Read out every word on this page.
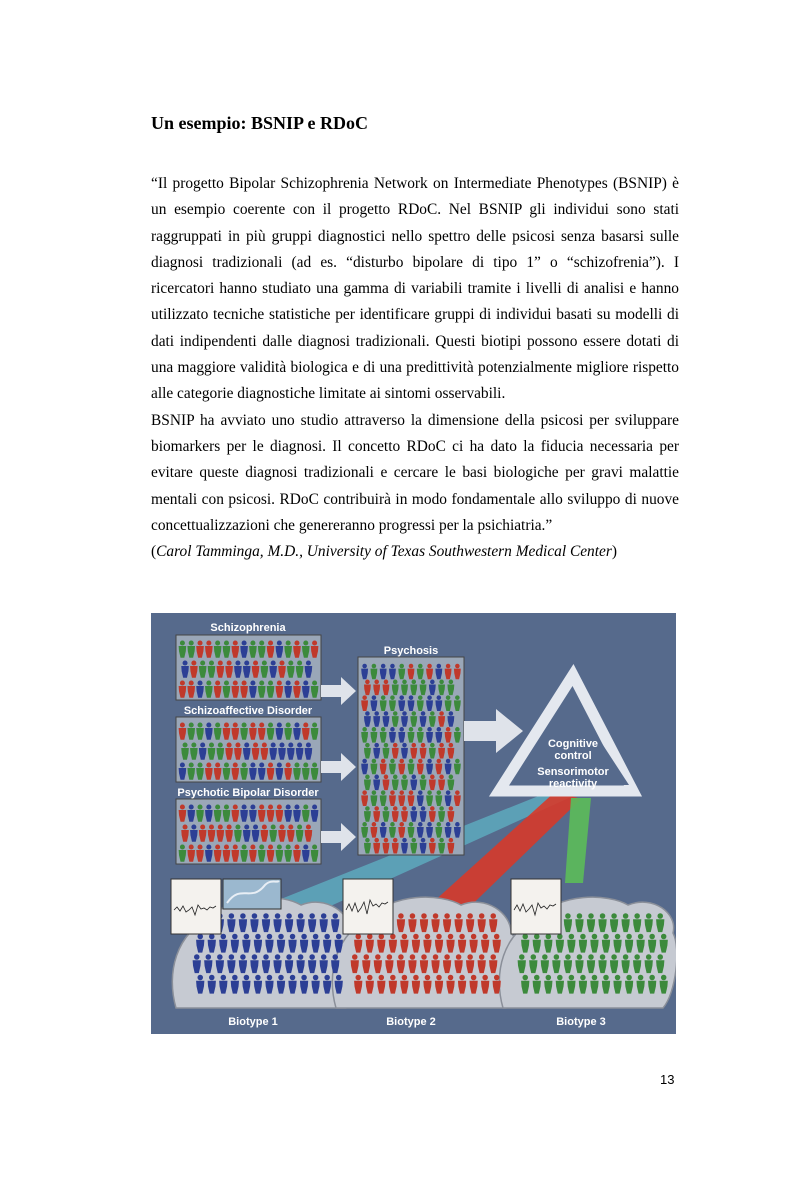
Un esempio: BSNIP e RDoC

“Il progetto Bipolar Schizophrenia Network on Intermediate Phenotypes (BSNIP) è un esempio coerente con il progetto RDoC. Nel BSNIP gli individui sono stati raggruppati in più gruppi diagnostici nello spettro delle psicosi senza basarsi sulle diagnosi tradizionali (ad es. “disturbo bipolare di tipo 1” o “schizofrenia”). I ricercatori hanno studiato una gamma di variabili tramite i livelli di analisi e hanno utilizzato tecniche statistiche per identificare gruppi di individui basati su modelli di dati indipendenti dalle diagnosi tradizionali. Questi biotipi possono essere dotati di una maggiore validità biologica e di una predittività potenzialmente migliore rispetto alle categorie diagnostiche limitate ai sintomi osservabili.

BSNIP ha avviato uno studio attraverso la dimensione della psicosi per sviluppare biomarkers per le diagnosi. Il concetto RDoC ci ha dato la fiducia necessaria per evitare queste diagnosi tradizionali e cercare le basi biologiche per gravi malattie mentali con psicosi. RDoC contribuirà in modo fondamentale allo sviluppo di nuove concettualizzazioni che genereranno progressi per la psichiatria.”

(Carol Tamminga, M.D., University of Texas Southwestern Medical Center)

Schizophrenia
Schizoaffective Disorder
Psychotic Bipolar Disorder
Psychosis
Cognitive
control
Sensorimotor
reactivity
Biotype 1	Biotype 2	Biotype 3
13
